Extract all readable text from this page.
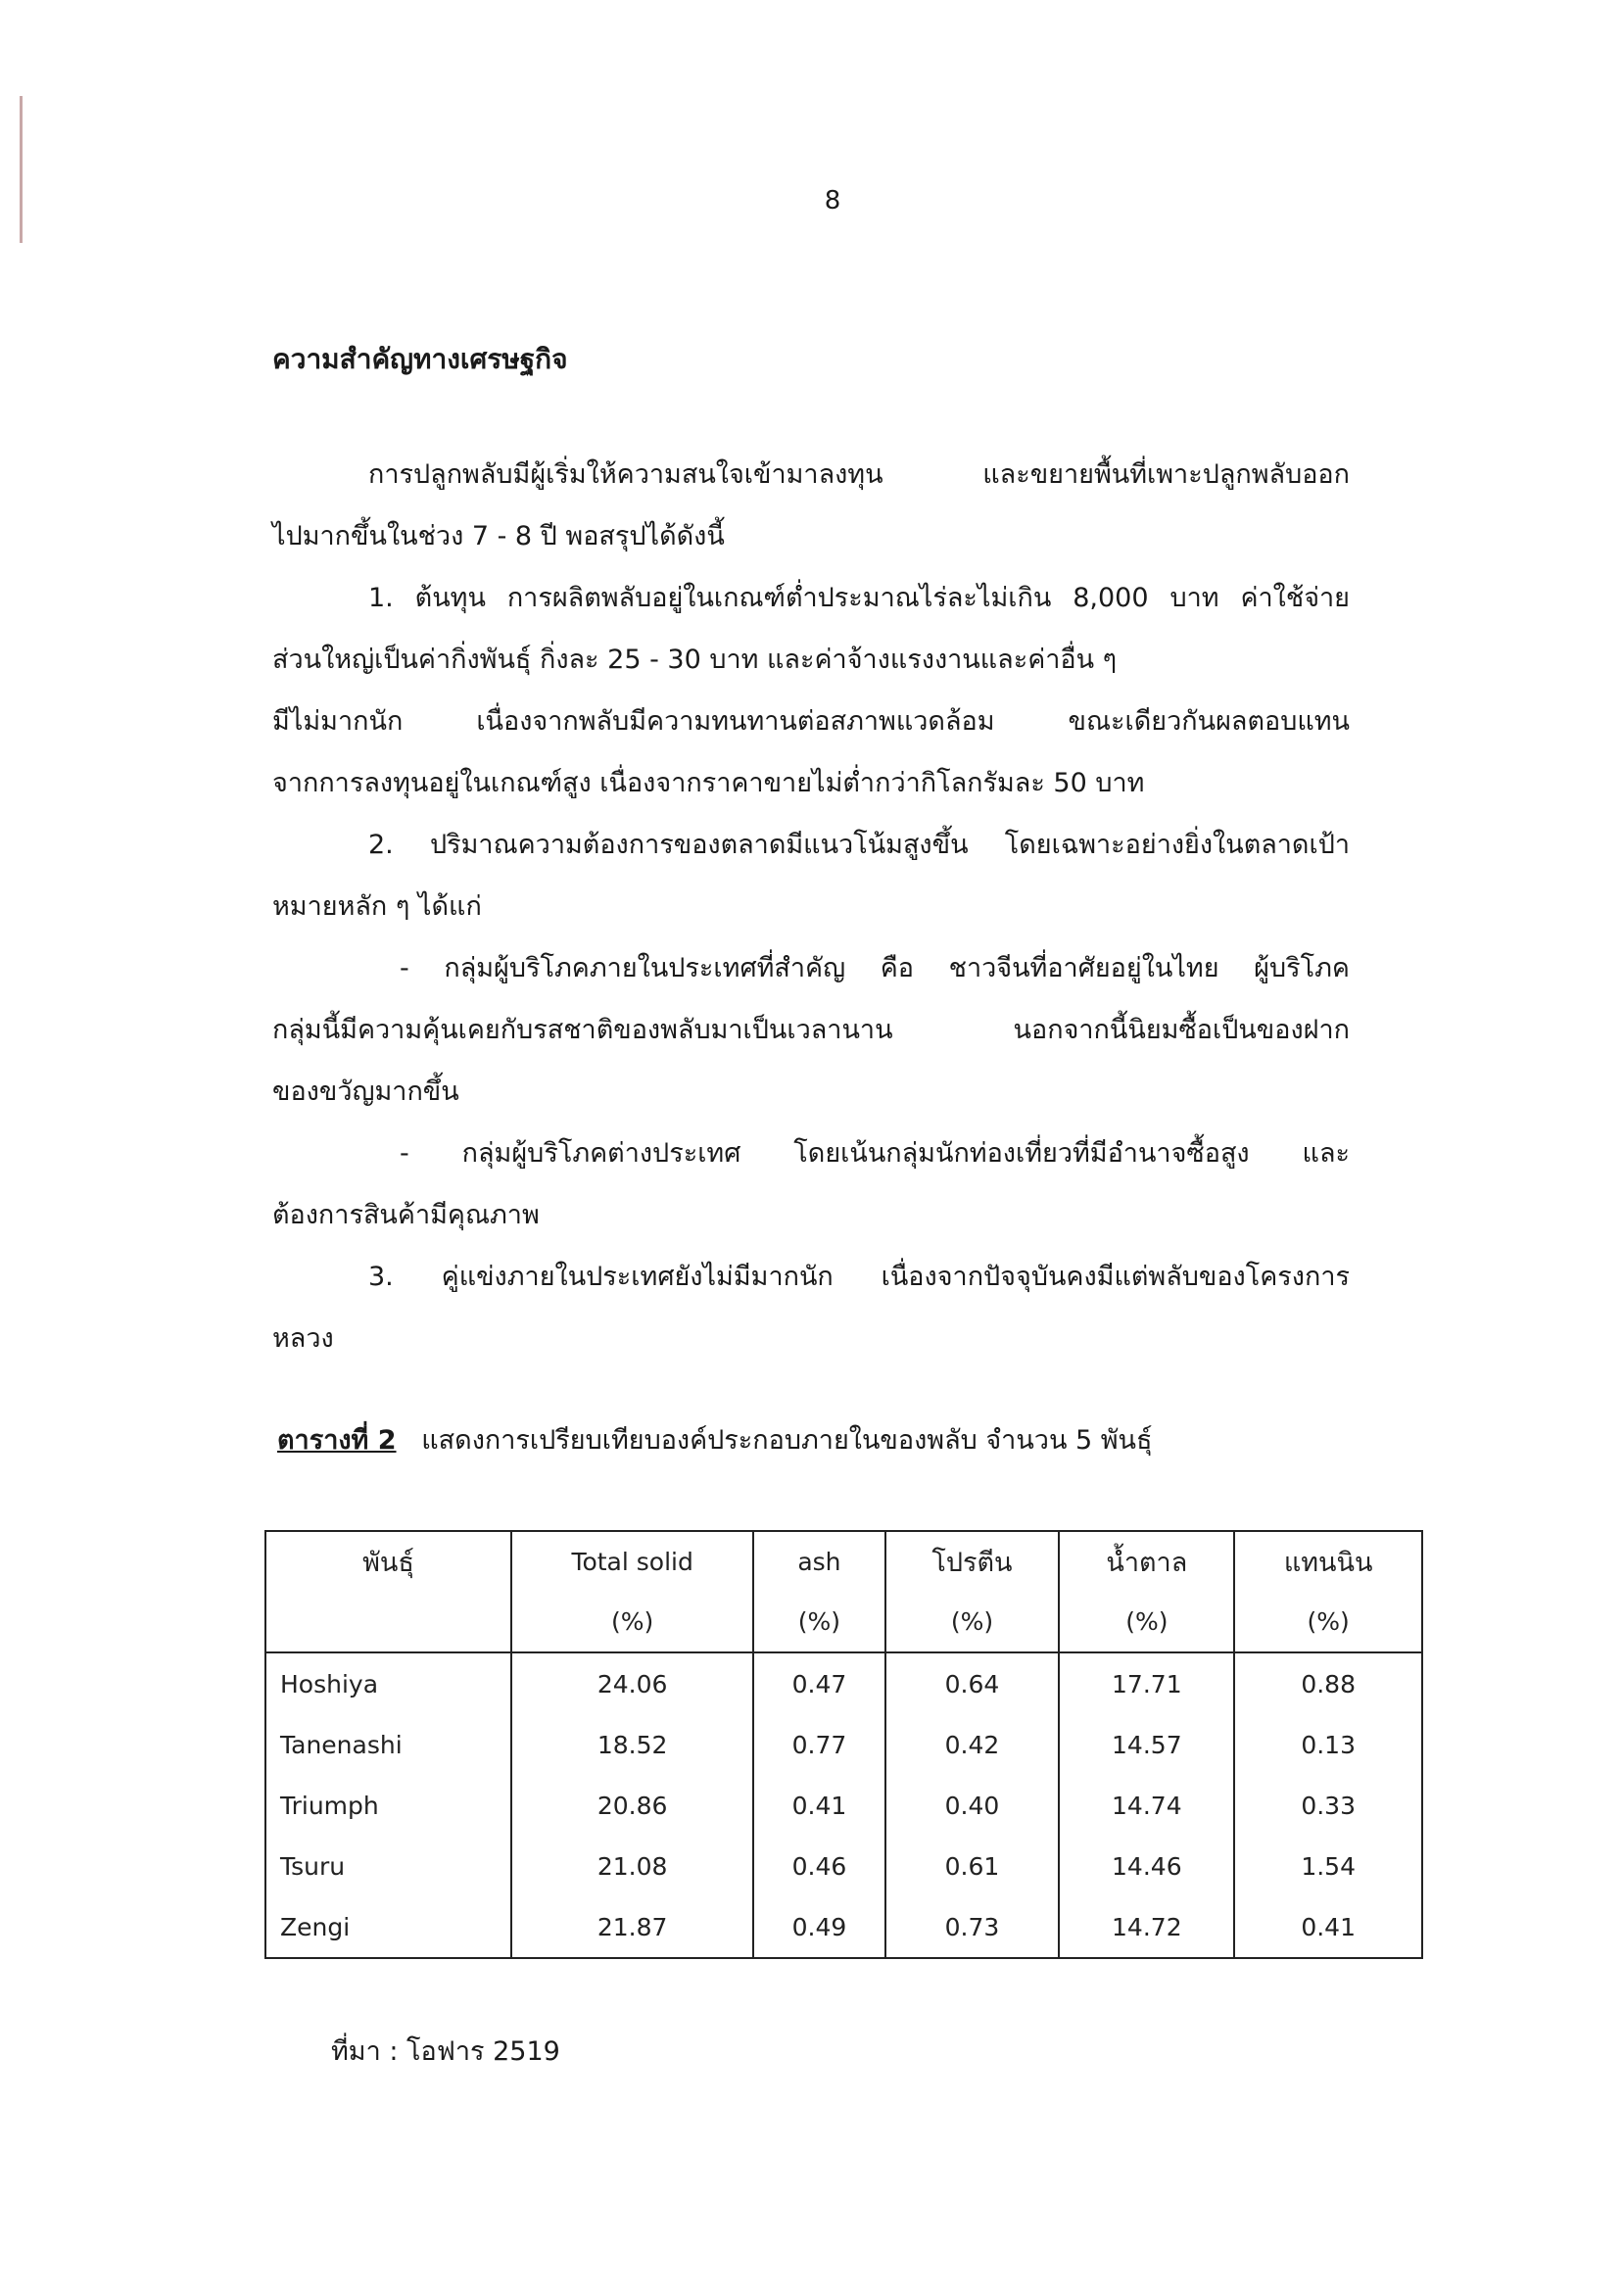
8
ความสำคัญทางเศรษฐกิจ
การปลูกพลับมีผู้เริ่มให้ความสนใจเข้ามาลงทุน และขยายพื้นที่เพาะปลูกพลับออก
ไปมากขึ้นในช่วง 7 - 8 ปี พอสรุปได้ดังนี้
1. ต้นทุน การผลิตพลับอยู่ในเกณฑ์ต่ำประมาณไร่ละไม่เกิน 8,000 บาท ค่าใช้จ่าย
ส่วนใหญ่เป็นค่ากิ่งพันธุ์ กิ่งละ 25 - 30 บาท และค่าจ้างแรงงานและค่าอื่น ๆ
มีไม่มากนัก เนื่องจากพลับมีความทนทานต่อสภาพแวดล้อม ขณะเดียวกันผลตอบแทน
จากการลงทุนอยู่ในเกณฑ์สูง เนื่องจากราคาขายไม่ต่ำกว่ากิโลกรัมละ 50 บาท
2. ปริมาณความต้องการของตลาดมีแนวโน้มสูงขึ้น โดยเฉพาะอย่างยิ่งในตลาดเป้า
หมายหลัก ๆ ได้แก่
- กลุ่มผู้บริโภคภายในประเทศที่สำคัญ คือ ชาวจีนที่อาศัยอยู่ในไทย ผู้บริโภค
กลุ่มนี้มีความคุ้นเคยกับรสชาติของพลับมาเป็นเวลานาน นอกจากนี้นิยมซื้อเป็นของฝาก
ของขวัญมากขึ้น
- กลุ่มผู้บริโภคต่างประเทศ โดยเน้นกลุ่มนักท่องเที่ยวที่มีอำนาจซื้อสูง และ
ต้องการสินค้ามีคุณภาพ
3. คู่แข่งภายในประเทศยังไม่มีมากนัก เนื่องจากปัจจุบันคงมีแต่พลับของโครงการ
หลวง
ตารางที่ 2 แสดงการเปรียบเทียบองค์ประกอบภายในของพลับ จำนวน 5 พันธุ์
พันธุ์	Total solid	ash	โปรตีน	น้ำตาล	แทนนิน
	(%)	(%)	(%)	(%)	(%)
Hoshiya	24.06	0.47	0.64	17.71	0.88
Tanenashi	18.52	0.77	0.42	14.57	0.13
Triumph	20.86	0.41	0.40	14.74	0.33
Tsuru	21.08	0.46	0.61	14.46	1.54
Zengi	21.87	0.49	0.73	14.72	0.41
ที่มา : โอฟาร 2519
